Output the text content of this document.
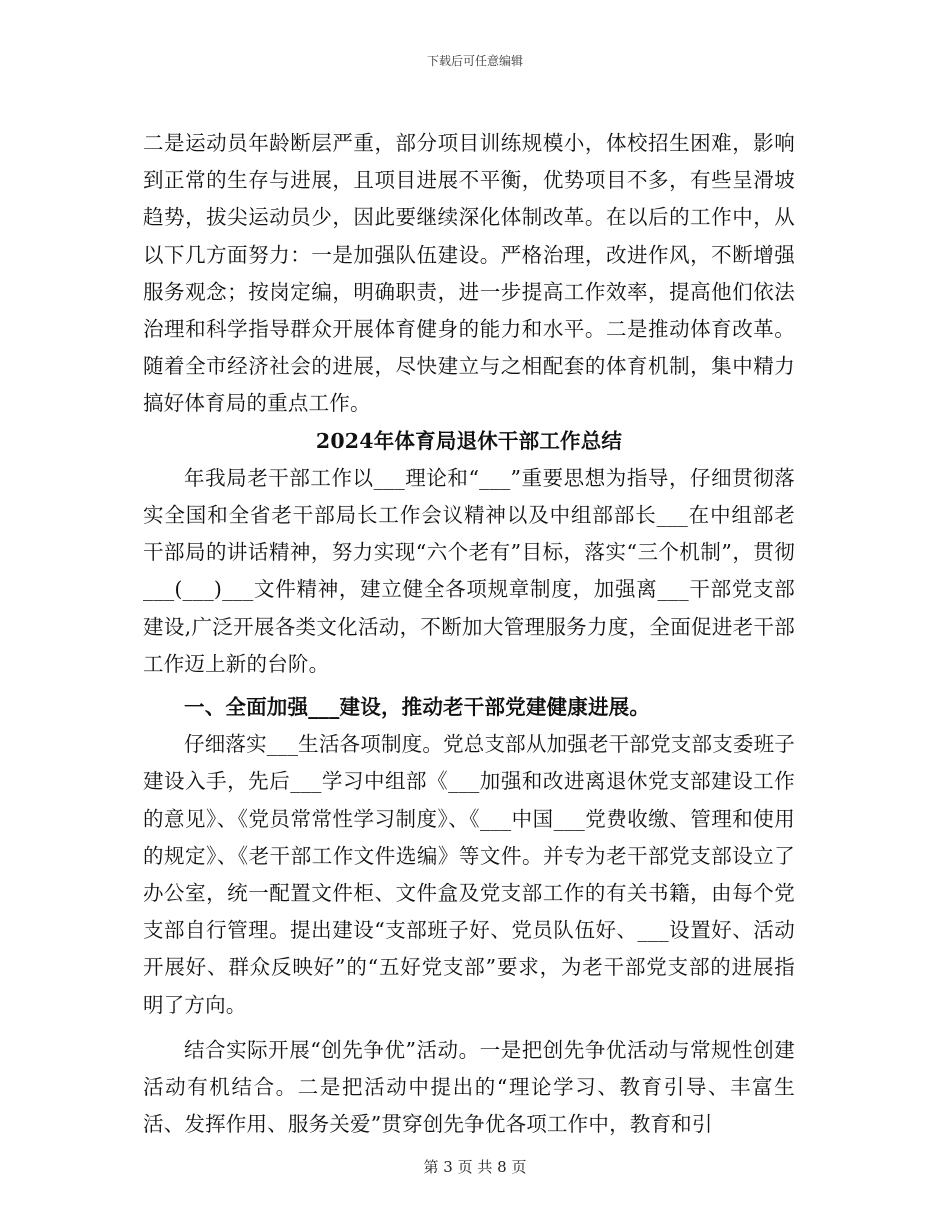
下载后可任意编辑

二是运动员年龄断层严重，部分项目训练规模小，体校招生困难，影响到正常的生存与进展，且项目进展不平衡，优势项目不多，有些呈滑坡趋势，拔尖运动员少，因此要继续深化体制改革。在以后的工作中，从以下几方面努力：一是加强队伍建设。严格治理，改进作风，不断增强服务观念；按岗定编，明确职责，进一步提高工作效率，提高他们依法治理和科学指导群众开展体育健身的能力和水平。二是推动体育改革。随着全市经济社会的进展，尽快建立与之相配套的体育机制，集中精力搞好体育局的重点工作。

2024年体育局退休干部工作总结

年我局老干部工作以___理论和“___”重要思想为指导，仔细贯彻落实全国和全省老干部局长工作会议精神以及中组部部长___在中组部老干部局的讲话精神，努力实现“六个老有”目标，落实“三个机制”，贯彻___(___)___文件精神，建立健全各项规章制度，加强离___干部党支部建设,广泛开展各类文化活动，不断加大管理服务力度，全面促进老干部工作迈上新的台阶。

一、全面加强___建设，推动老干部党建健康进展。

仔细落实___生活各项制度。党总支部从加强老干部党支部支委班子建设入手，先后___学习中组部《___加强和改进离退休党支部建设工作的意见》、《党员常常性学习制度》、《___中国___党费收缴、管理和使用的规定》、《老干部工作文件选编》等文件。并专为老干部党支部设立了办公室，统一配置文件柜、文件盒及党支部工作的有关书籍，由每个党支部自行管理。提出建设“支部班子好、党员队伍好、___设置好、活动开展好、群众反映好”的“五好党支部”要求，为老干部党支部的进展指明了方向。

结合实际开展“创先争优”活动。一是把创先争优活动与常规性创建活动有机结合。二是把活动中提出的“理论学习、教育引导、丰富生活、发挥作用、服务关爱”贯穿创先争优各项工作中，教育和引

第 3 页 共 8 页
